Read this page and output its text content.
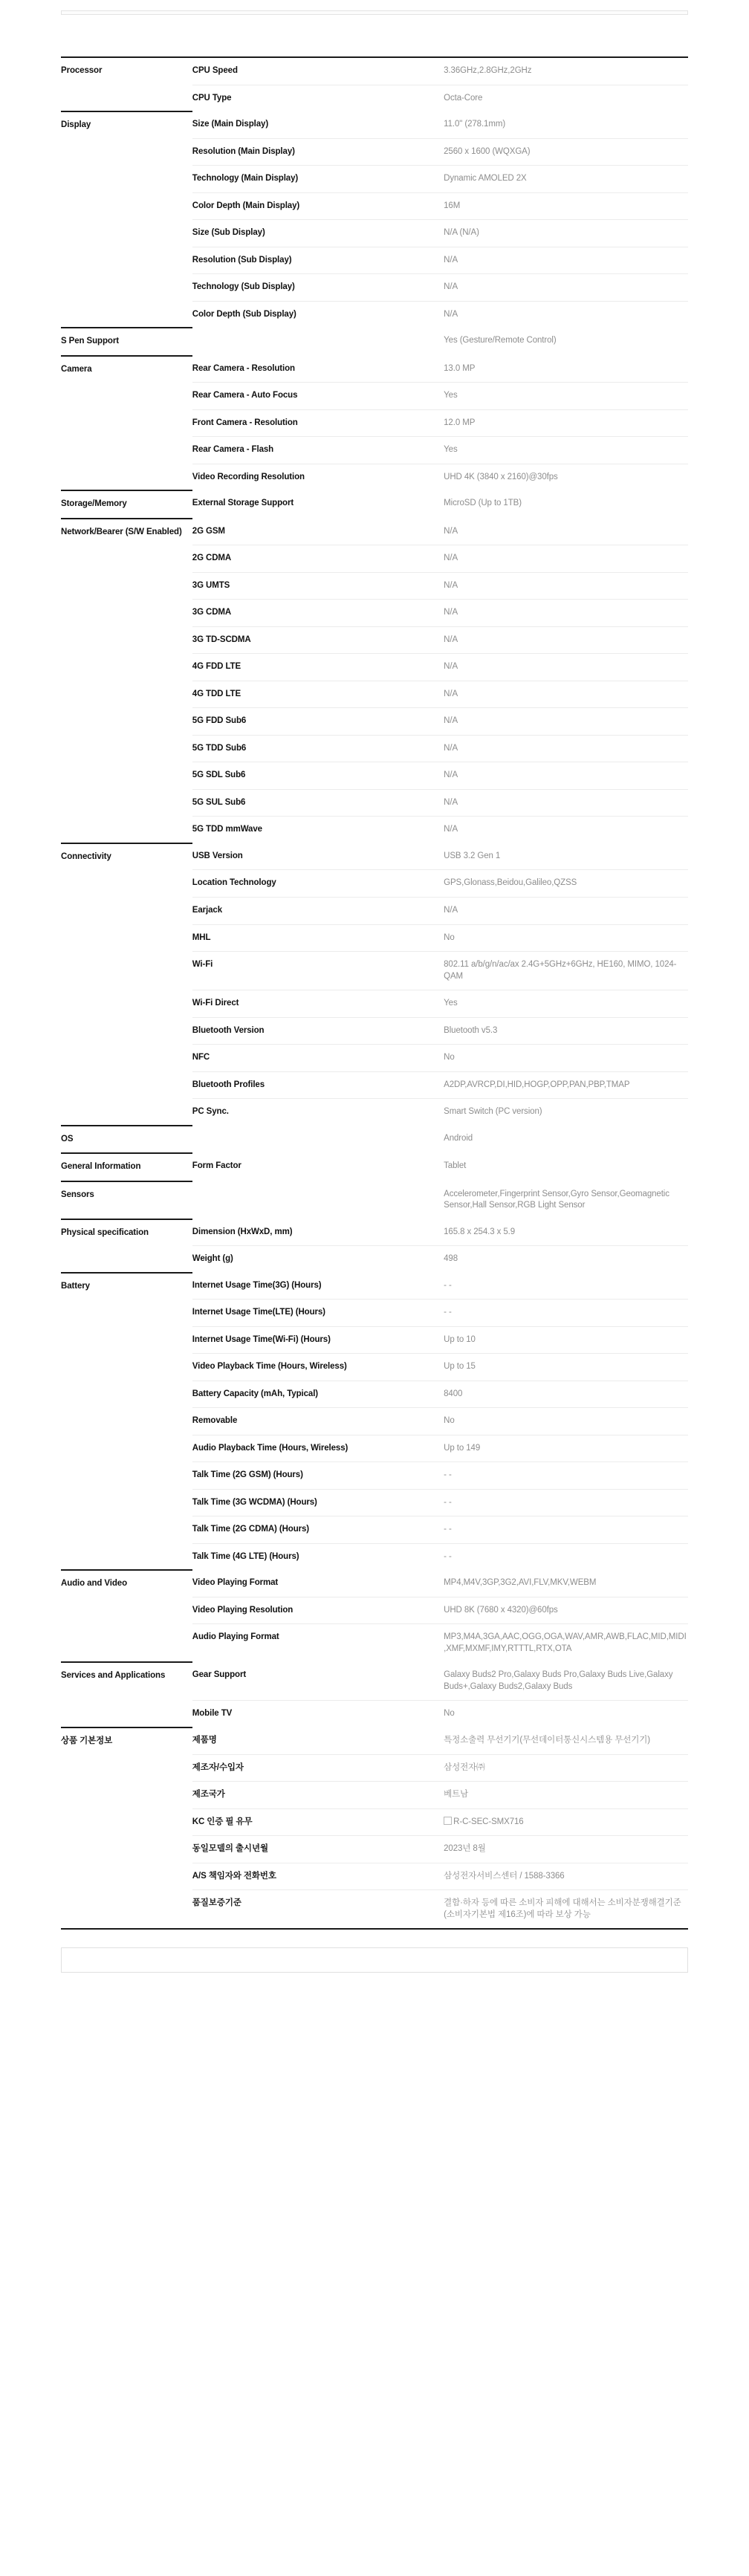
Processor	CPU Speed	3.36GHz,2.8GHz,2GHz
	CPU Type	Octa-Core
Display	Size (Main Display)	11.0" (278.1mm)
	Resolution (Main Display)	2560 x 1600 (WQXGA)
	Technology (Main Display)	Dynamic AMOLED 2X
	Color Depth (Main Display)	16M
	Size (Sub Display)	N/A (N/A)
	Resolution (Sub Display)	N/A
	Technology (Sub Display)	N/A
	Color Depth (Sub Display)	N/A
S Pen Support		Yes (Gesture/Remote Control)
Camera	Rear Camera - Resolution	13.0 MP
	Rear Camera - Auto Focus	Yes
	Front Camera - Resolution	12.0 MP
	Rear Camera - Flash	Yes
	Video Recording Resolution	UHD 4K (3840 x 2160)@30fps
Storage/Memory	External Storage Support	MicroSD (Up to 1TB)
Network/Bearer (S/W Enabled)	2G GSM	N/A
	2G CDMA	N/A
	3G UMTS	N/A
	3G CDMA	N/A
	3G TD-SCDMA	N/A
	4G FDD LTE	N/A
	4G TDD LTE	N/A
	5G FDD Sub6	N/A
	5G TDD Sub6	N/A
	5G SDL Sub6	N/A
	5G SUL Sub6	N/A
	5G TDD mmWave	N/A
Connectivity	USB Version	USB 3.2 Gen 1
	Location Technology	GPS,Glonass,Beidou,Galileo,QZSS
	Earjack	N/A
	MHL	No
	Wi-Fi	802.11 a/b/g/n/ac/ax 2.4G+5GHz+6GHz, HE160, MIMO, 1024-QAM
	Wi-Fi Direct	Yes
	Bluetooth Version	Bluetooth v5.3
	NFC	No
	Bluetooth Profiles	A2DP,AVRCP,DI,HID,HOGP,OPP,PAN,PBP,TMAP
	PC Sync.	Smart Switch (PC version)
OS		Android
General Information	Form Factor	Tablet
Sensors		Accelerometer,Fingerprint Sensor,Gyro Sensor,Geomagnetic Sensor,Hall Sensor,RGB Light Sensor
Physical specification	Dimension (HxWxD, mm)	165.8 x 254.3 x 5.9
	Weight (g)	498
Battery	Internet Usage Time(3G) (Hours)	- -
	Internet Usage Time(LTE) (Hours)	- -
	Internet Usage Time(Wi-Fi) (Hours)	Up to 10
	Video Playback Time (Hours, Wireless)	Up to 15
	Battery Capacity (mAh, Typical)	8400
	Removable	No
	Audio Playback Time (Hours, Wireless)	Up to 149
	Talk Time (2G GSM) (Hours)	- -
	Talk Time (3G WCDMA) (Hours)	- -
	Talk Time (2G CDMA) (Hours)	- -
	Talk Time (4G LTE) (Hours)	- -
Audio and Video	Video Playing Format	MP4,M4V,3GP,3G2,AVI,FLV,MKV,WEBM
	Video Playing Resolution	UHD 8K (7680 x 4320)@60fps
	Audio Playing Format	MP3,M4A,3GA,AAC,OGG,OGA,WAV,AMR,AWB,FLAC,MID,MIDI,XMF,MXMF,IMY,RTTTL,RTX,OTA
Services and Applications	Gear Support	Galaxy Buds2 Pro,Galaxy Buds Pro,Galaxy Buds Live,Galaxy Buds+,Galaxy Buds2,Galaxy Buds
	Mobile TV	No
상품 기본정보	제품명	특정소출력 무선기기(무선데이터통신시스템용 무선기기)
	제조자/수입자	삼성전자㈜
	제조국가	베트남
	KC 인증 필 유무	R-C-SEC-SMX716
	동일모델의 출시년월	2023년 8월
	A/S 책임자와 전화번호	삼성전자서비스센터 / 1588-3366
	품질보증기준	결함·하자 등에 따른 소비자 피해에 대해서는 소비자분쟁해결기준(소비자기본법 제16조)에 따라 보상 가능
